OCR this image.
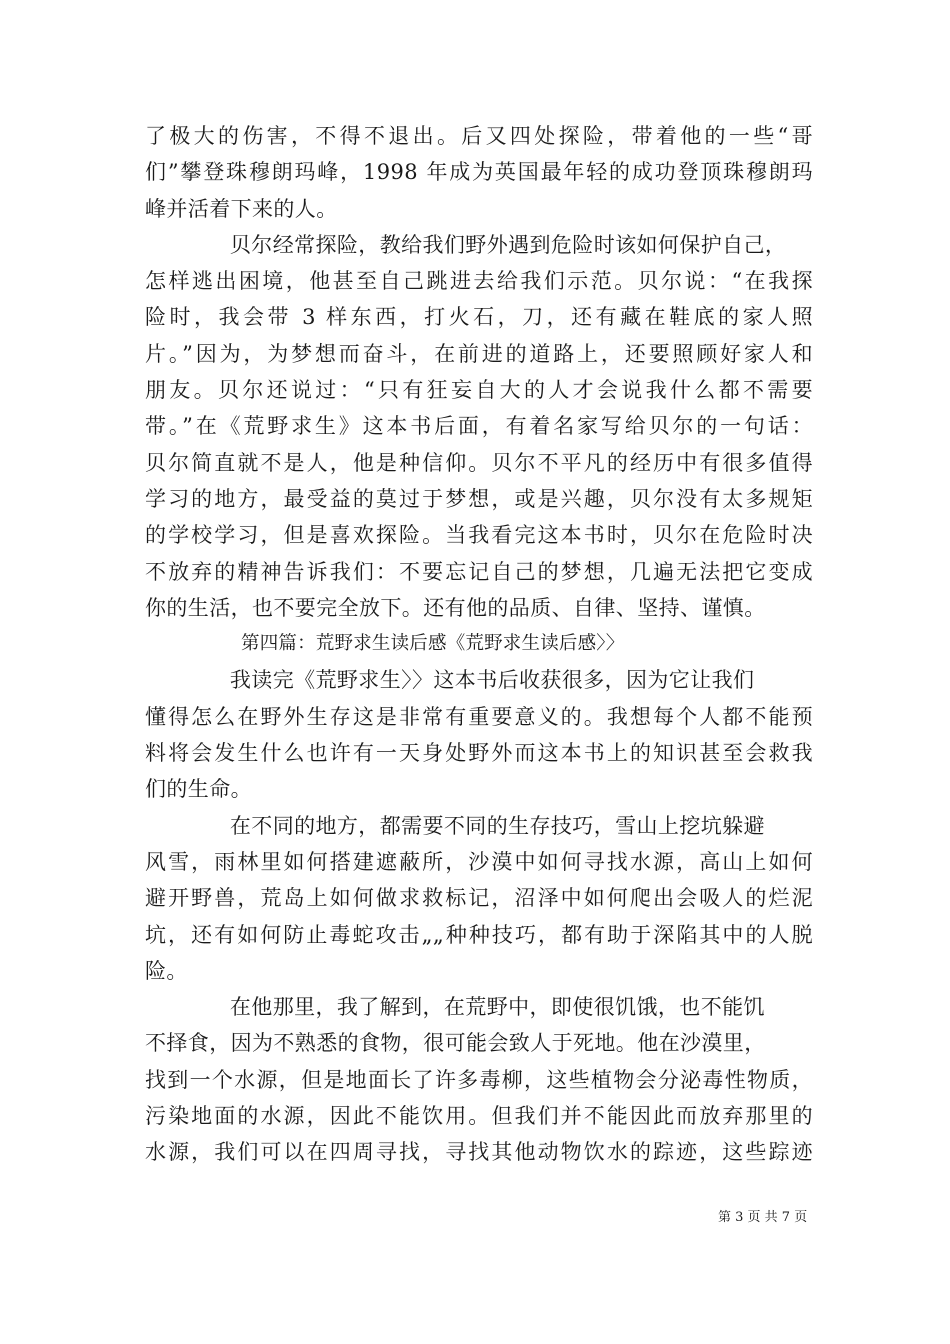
了极大的伤害，不得不退出。后又四处探险，带着他的一些“哥
们”攀登珠穆朗玛峰，1998 年成为英国最年轻的成功登顶珠穆朗玛
峰并活着下来的人。
贝尔经常探险，教给我们野外遇到危险时该如何保护自己，
怎样逃出困境，他甚至自己跳进去给我们示范。贝尔说：“在我探
险时，我会带 3 样东西，打火石，刀，还有藏在鞋底的家人照
片。”因为，为梦想而奋斗，在前进的道路上，还要照顾好家人和
朋友。贝尔还说过：“只有狂妄自大的人才会说我什么都不需要
带。”在《荒野求生》这本书后面，有着名家写给贝尔的一句话：
贝尔简直就不是人，他是种信仰。贝尔不平凡的经历中有很多值得
学习的地方，最受益的莫过于梦想，或是兴趣，贝尔没有太多规矩
的学校学习，但是喜欢探险。当我看完这本书时，贝尔在危险时决
不放弃的精神告诉我们：不要忘记自己的梦想，几遍无法把它变成
你的生活，也不要完全放下。还有他的品质、自律、坚持、谨慎。
第四篇：荒野求生读后感《荒野求生读后感〉〉
我读完《荒野求生〉〉这本书后收获很多，因为它让我们
懂得怎么在野外生存这是非常有重要意义的。我想每个人都不能预
料将会发生什么也许有一天身处野外而这本书上的知识甚至会救我
们的生命。
在不同的地方，都需要不同的生存技巧，雪山上挖坑躲避
风雪，雨林里如何搭建遮蔽所，沙漠中如何寻找水源，高山上如何
避开野兽，荒岛上如何做求救标记，沼泽中如何爬出会吸人的烂泥
坑，还有如何防止毒蛇攻击„„种种技巧，都有助于深陷其中的人脱
险。
在他那里，我了解到，在荒野中，即使很饥饿，也不能饥
不择食，因为不熟悉的食物，很可能会致人于死地。他在沙漠里，
找到一个水源，但是地面长了许多毒柳，这些植物会分泌毒性物质，
污染地面的水源，因此不能饮用。但我们并不能因此而放弃那里的
水源，我们可以在四周寻找，寻找其他动物饮水的踪迹，这些踪迹
第 3 页 共 7 页
